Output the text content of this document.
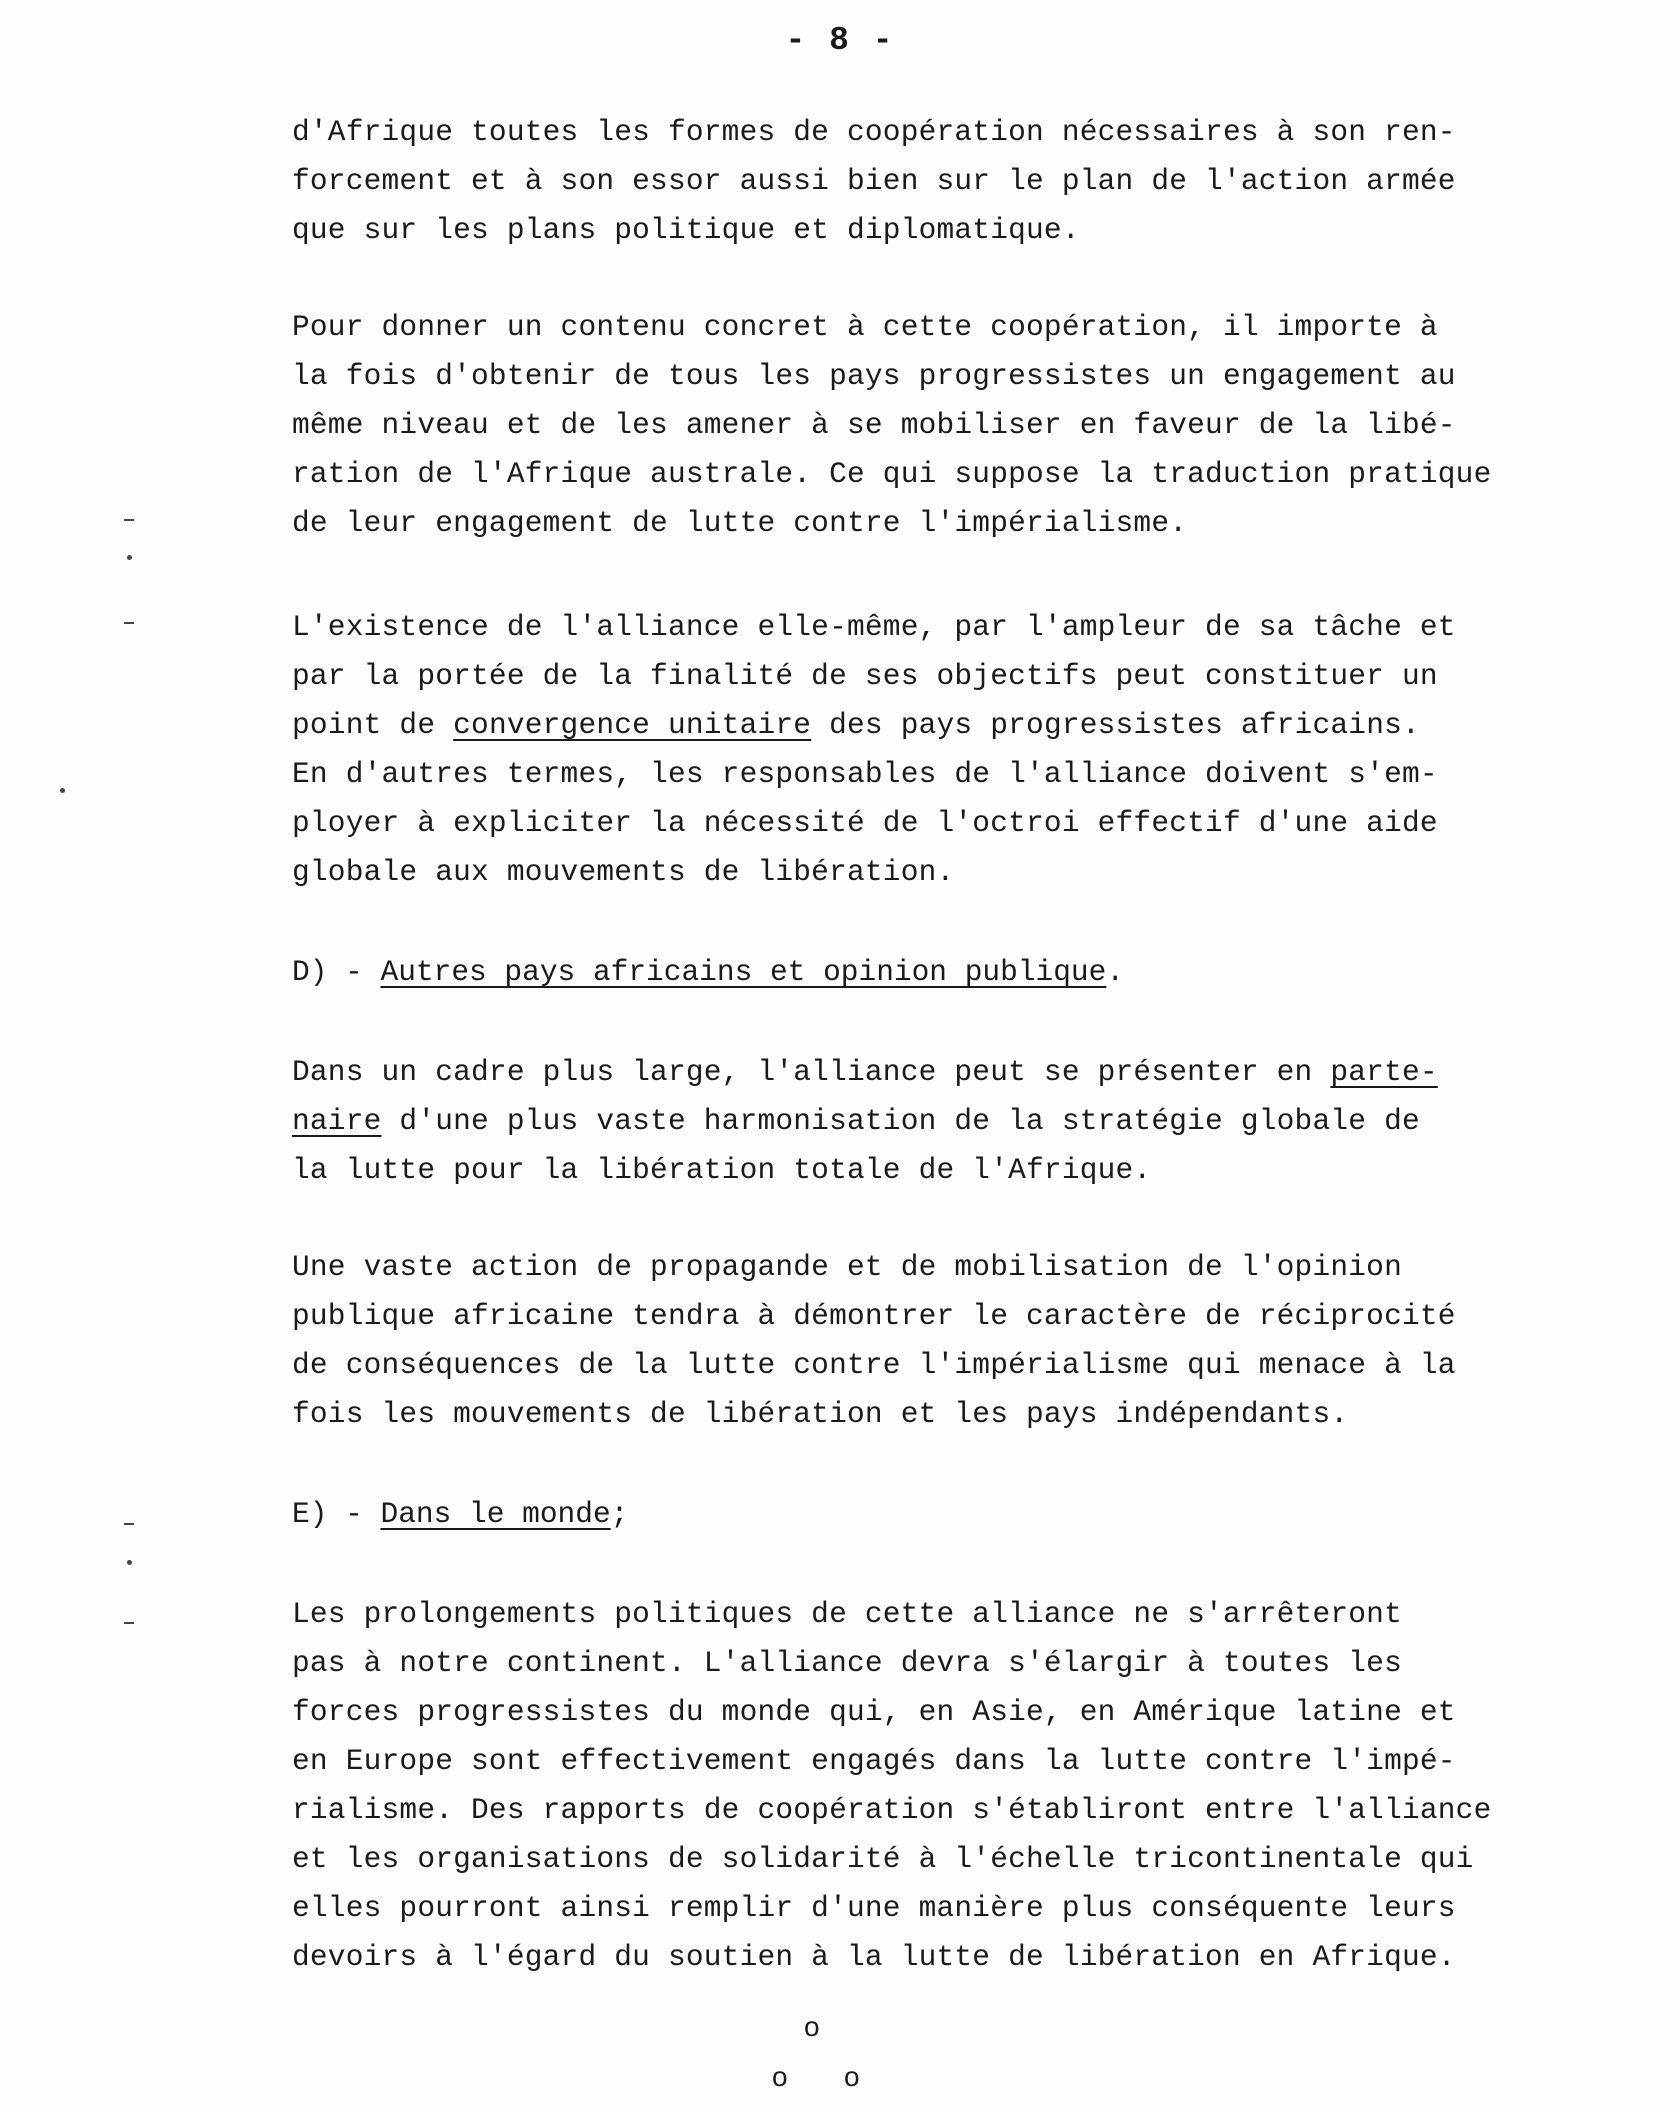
- 8 -
d'Afrique toutes les formes de coopération nécessaires à son ren-
forcement et à son essor aussi bien sur le plan de l'action armée
que sur les plans politique et diplomatique.
Pour donner un contenu concret à cette coopération, il importe à
la fois d'obtenir de tous les pays progressistes un engagement au
même niveau et de les amener à se mobiliser en faveur de la libé-
ration de l'Afrique australe. Ce qui suppose la traduction pratique
de leur engagement de lutte contre l'impérialisme.
L'existence de l'alliance elle-même, par l'ampleur de sa tâche et
par la portée de la finalité de ses objectifs peut constituer un
point de convergence unitaire des pays progressistes africains.
En d'autres termes, les responsables de l'alliance doivent s'em-
ployer à expliciter la nécessité de l'octroi effectif d'une aide
globale aux mouvements de libération.
D) - Autres pays africains et opinion publique.
Dans un cadre plus large, l'alliance peut se présenter en parte-
naire d'une plus vaste harmonisation de la stratégie globale de
la lutte pour la libération totale de l'Afrique.
Une vaste action de propagande et de mobilisation de l'opinion
publique africaine tendra à démontrer le caractère de réciprocité
de conséquences de la lutte contre l'impérialisme qui menace à la
fois les mouvements de libération et les pays indépendants.
E) - Dans le monde;
Les prolongements politiques de cette alliance ne s'arrêteront
pas à notre continent. L'alliance devra s'élargir à toutes les
forces progressistes du monde qui, en Asie, en Amérique latine et
en Europe sont effectivement engagés dans la lutte contre l'impé-
rialisme. Des rapports de coopération s'établiront entre l'alliance
et les organisations de solidarité à l'échelle tricontinentale qui
elles pourront ainsi remplir d'une manière plus conséquente leurs
devoirs à l'égard du soutien à la lutte de libération en Afrique.
o
o o
